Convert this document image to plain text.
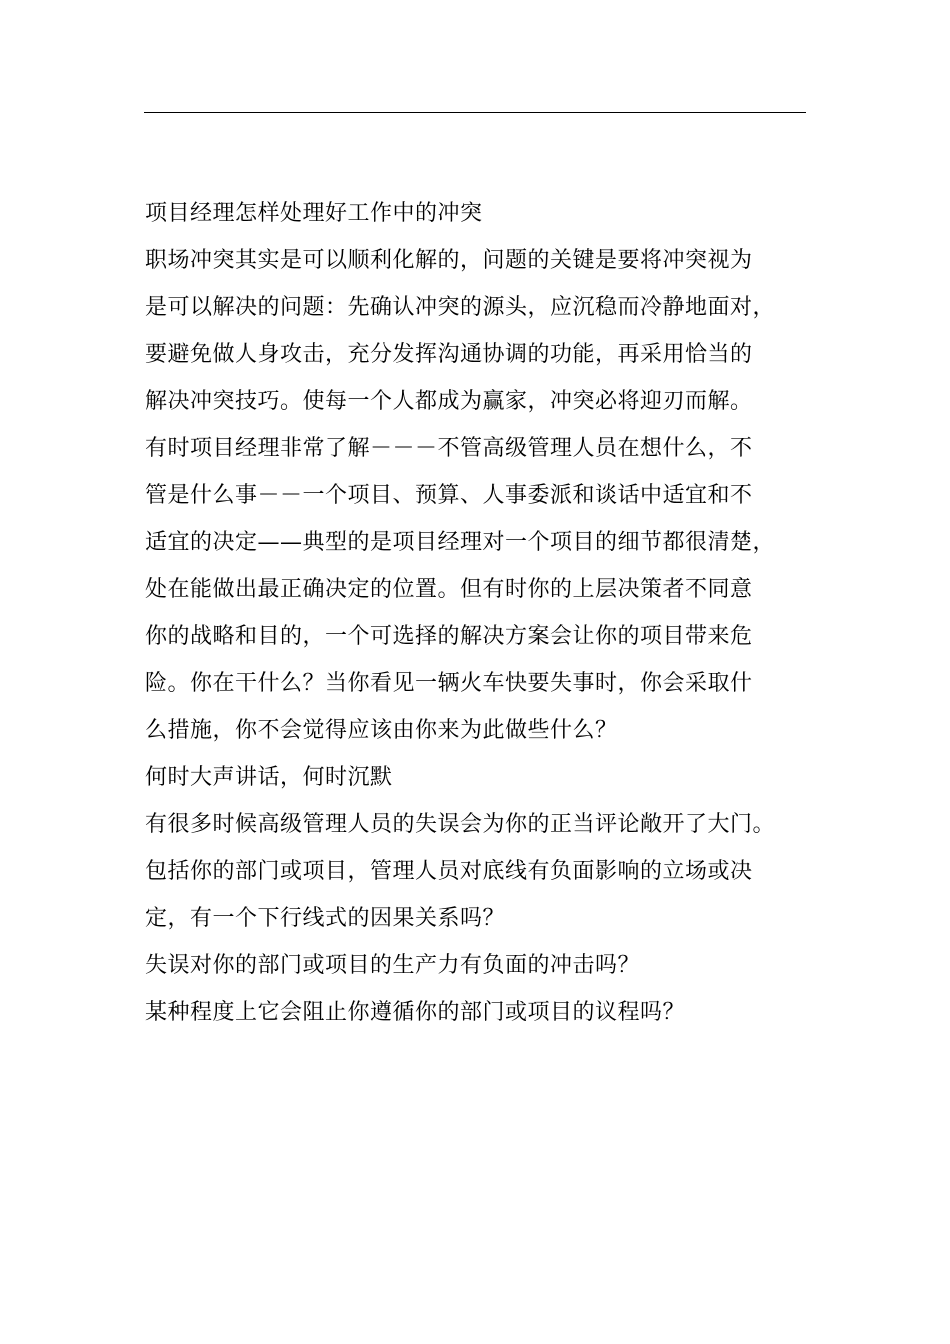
项目经理怎样处理好工作中的冲突
职场冲突其实是可以顺利化解的，问题的关键是要将冲突视为
是可以解决的问题：先确认冲突的源头，应沉稳而冷静地面对，
要避免做人身攻击，充分发挥沟通协调的功能，再采用恰当的
解决冲突技巧。使每一个人都成为赢家，冲突必将迎刃而解。
有时项目经理非常了解－－－不管高级管理人员在想什么，不
管是什么事－－一个项目、预算、人事委派和谈话中适宜和不
适宜的决定——典型的是项目经理对一个项目的细节都很清楚，
处在能做出最正确决定的位置。但有时你的上层决策者不同意
你的战略和目的，一个可选择的解决方案会让你的项目带来危
险。你在干什么？当你看见一辆火车快要失事时，你会采取什
么措施，你不会觉得应该由你来为此做些什么？
何时大声讲话，何时沉默
有很多时候高级管理人员的失误会为你的正当评论敞开了大门。
包括你的部门或项目，管理人员对底线有负面影响的立场或决
定，有一个下行线式的因果关系吗？
失误对你的部门或项目的生产力有负面的冲击吗？
某种程度上它会阻止你遵循你的部门或项目的议程吗？
